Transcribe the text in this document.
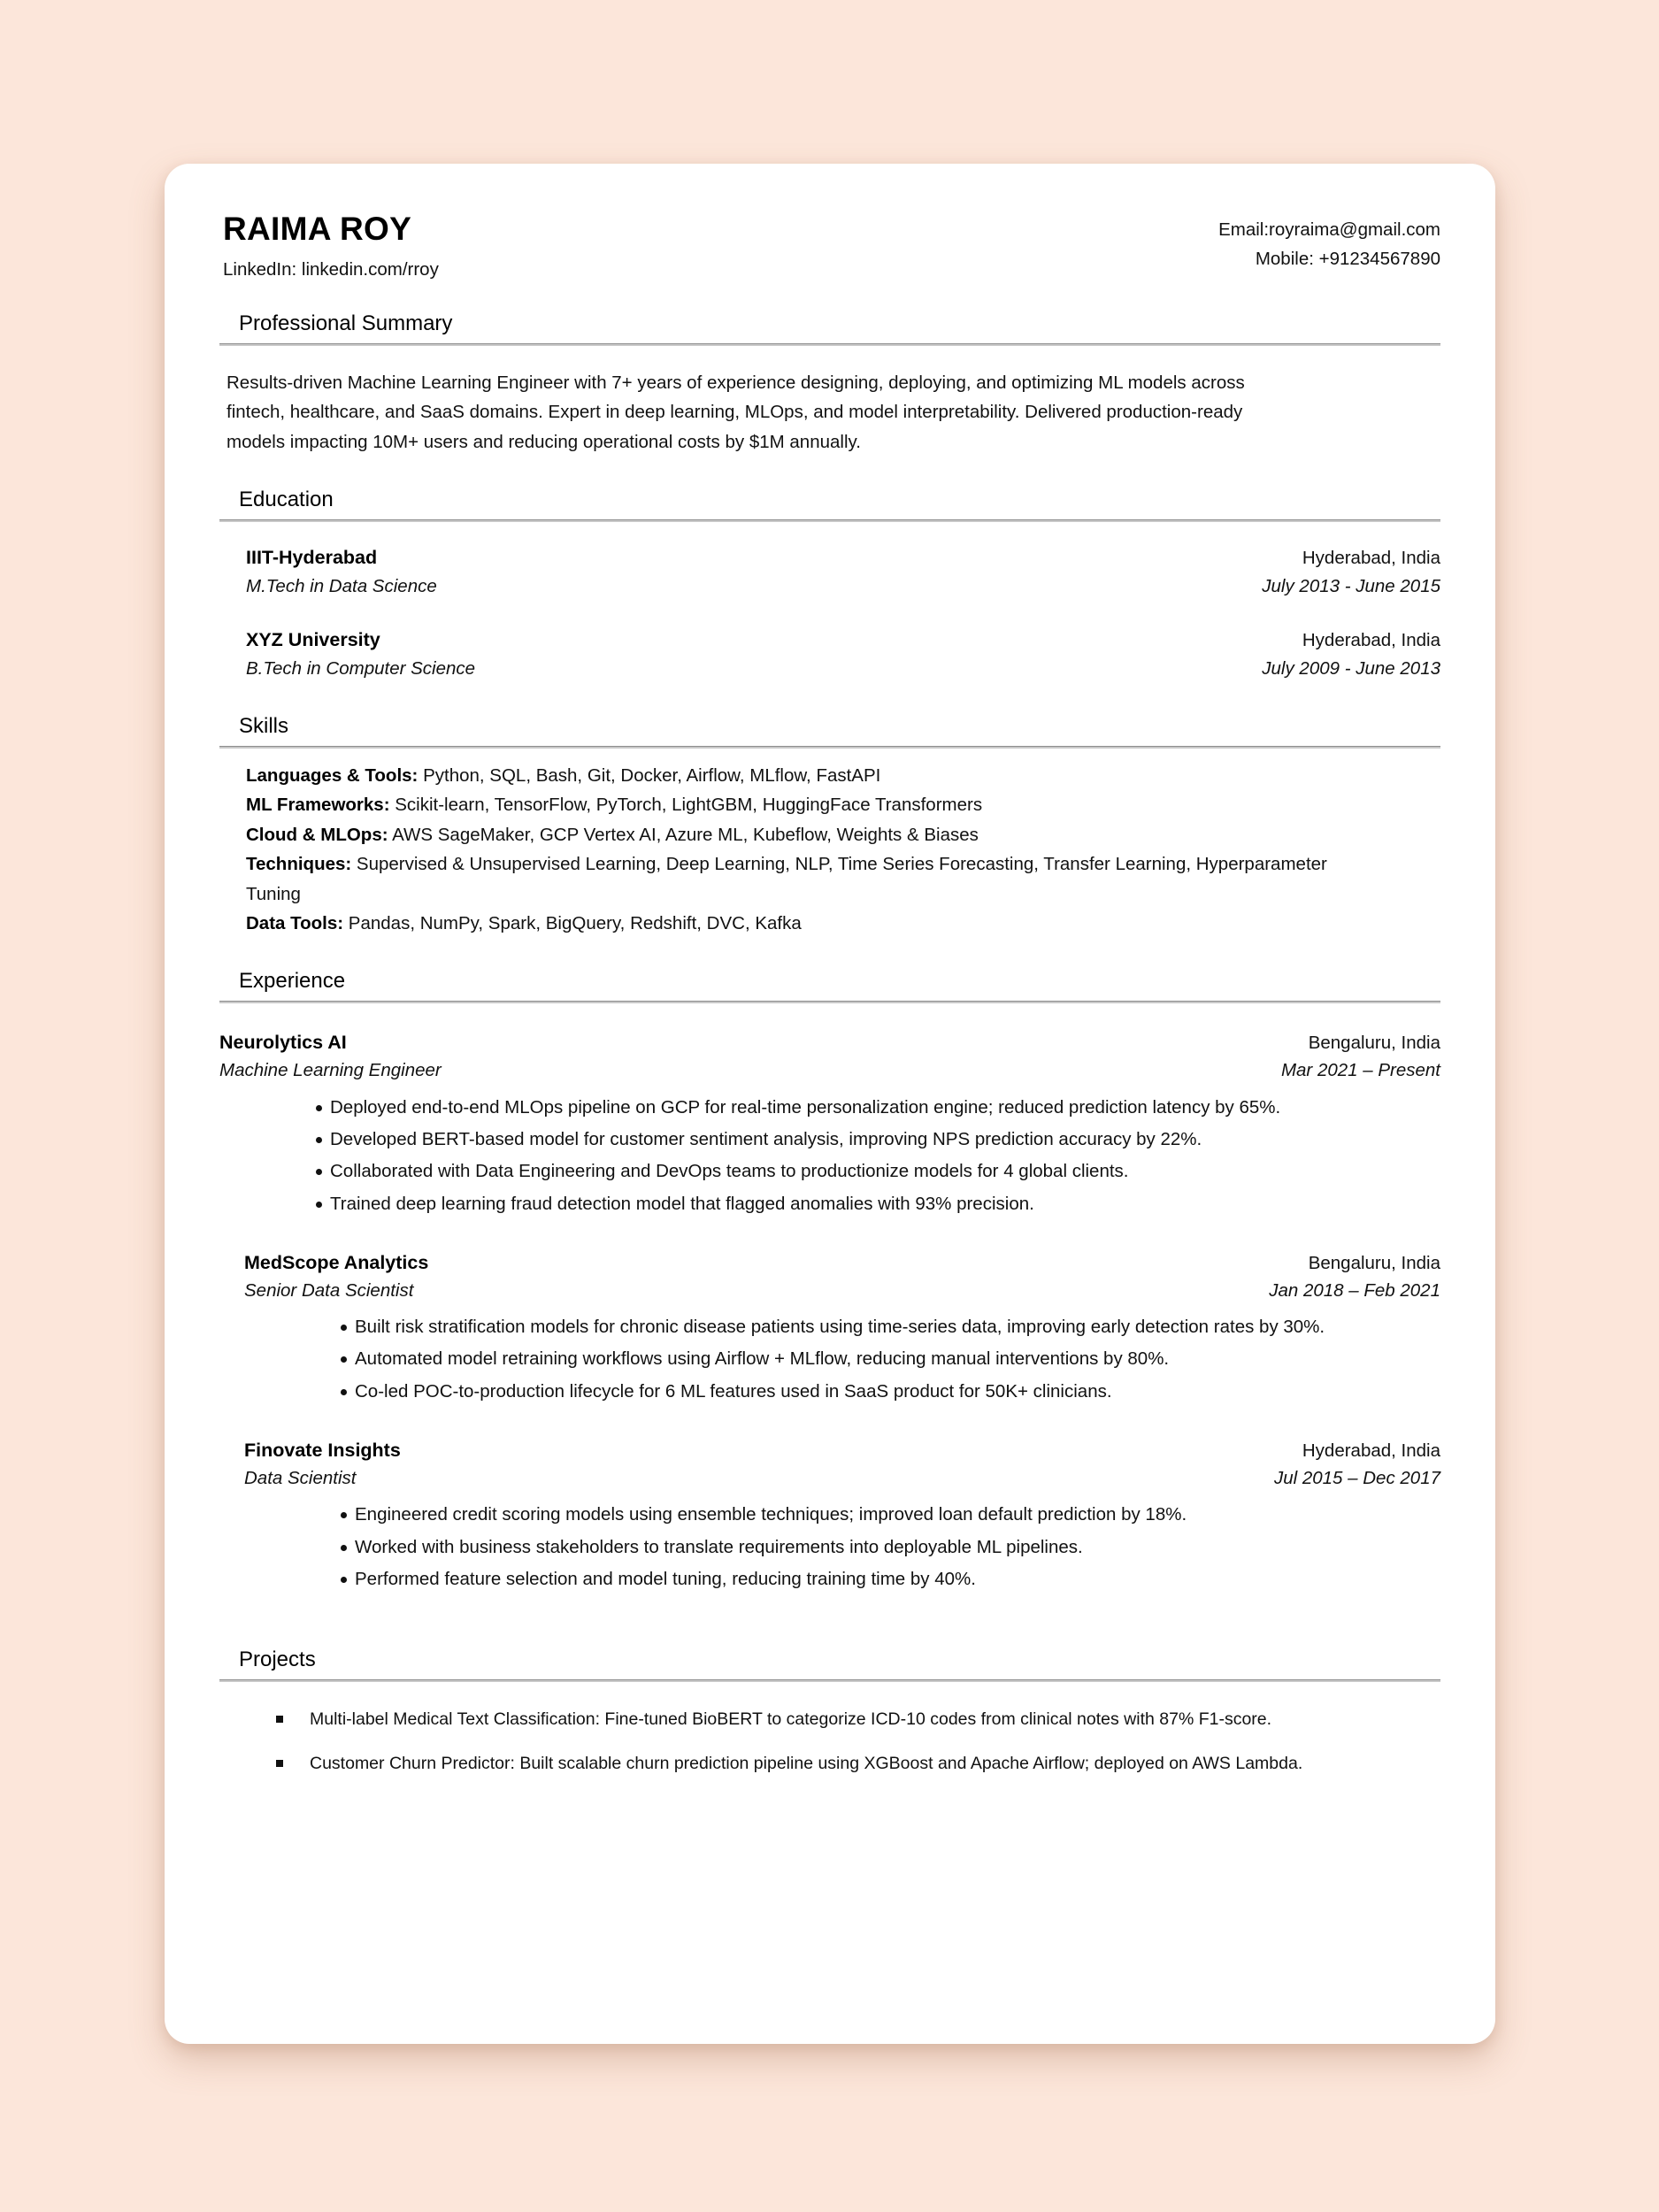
RAIMA ROY
LinkedIn: linkedin.com/rroy
Email:royraima@gmail.com
Mobile: +91234567890
Professional Summary
Results-driven Machine Learning Engineer with 7+ years of experience designing, deploying, and optimizing ML models across fintech, healthcare, and SaaS domains. Expert in deep learning, MLOps, and model interpretability. Delivered production-ready models impacting 10M+ users and reducing operational costs by $1M annually.
Education
IIIT-Hyderabad	Hyderabad, India
M.Tech in Data Science	July 2013 - June 2015
XYZ University	Hyderabad, India
B.Tech in Computer Science	July 2009 - June 2013
Skills
Languages & Tools: Python, SQL, Bash, Git, Docker, Airflow, MLflow, FastAPI
ML Frameworks: Scikit-learn, TensorFlow, PyTorch, LightGBM, HuggingFace Transformers
Cloud & MLOps: AWS SageMaker, GCP Vertex AI, Azure ML, Kubeflow, Weights & Biases
Techniques: Supervised & Unsupervised Learning, Deep Learning, NLP, Time Series Forecasting, Transfer Learning, Hyperparameter Tuning
Data Tools: Pandas, NumPy, Spark, BigQuery, Redshift, DVC, Kafka
Experience
Neurolytics AI	Bengaluru, India
Machine Learning Engineer	Mar 2021 – Present
Deployed end-to-end MLOps pipeline on GCP for real-time personalization engine; reduced prediction latency by 65%.
Developed BERT-based model for customer sentiment analysis, improving NPS prediction accuracy by 22%.
Collaborated with Data Engineering and DevOps teams to productionize models for 4 global clients.
Trained deep learning fraud detection model that flagged anomalies with 93% precision.
MedScope Analytics	Bengaluru, India
Senior Data Scientist	Jan 2018 – Feb 2021
Built risk stratification models for chronic disease patients using time-series data, improving early detection rates by 30%.
Automated model retraining workflows using Airflow + MLflow, reducing manual interventions by 80%.
Co-led POC-to-production lifecycle for 6 ML features used in SaaS product for 50K+ clinicians.
Finovate Insights	Hyderabad, India
Data Scientist	Jul 2015 – Dec 2017
Engineered credit scoring models using ensemble techniques; improved loan default prediction by 18%.
Worked with business stakeholders to translate requirements into deployable ML pipelines.
Performed feature selection and model tuning, reducing training time by 40%.
Projects
Multi-label Medical Text Classification: Fine-tuned BioBERT to categorize ICD-10 codes from clinical notes with 87% F1-score.
Customer Churn Predictor: Built scalable churn prediction pipeline using XGBoost and Apache Airflow; deployed on AWS Lambda.
